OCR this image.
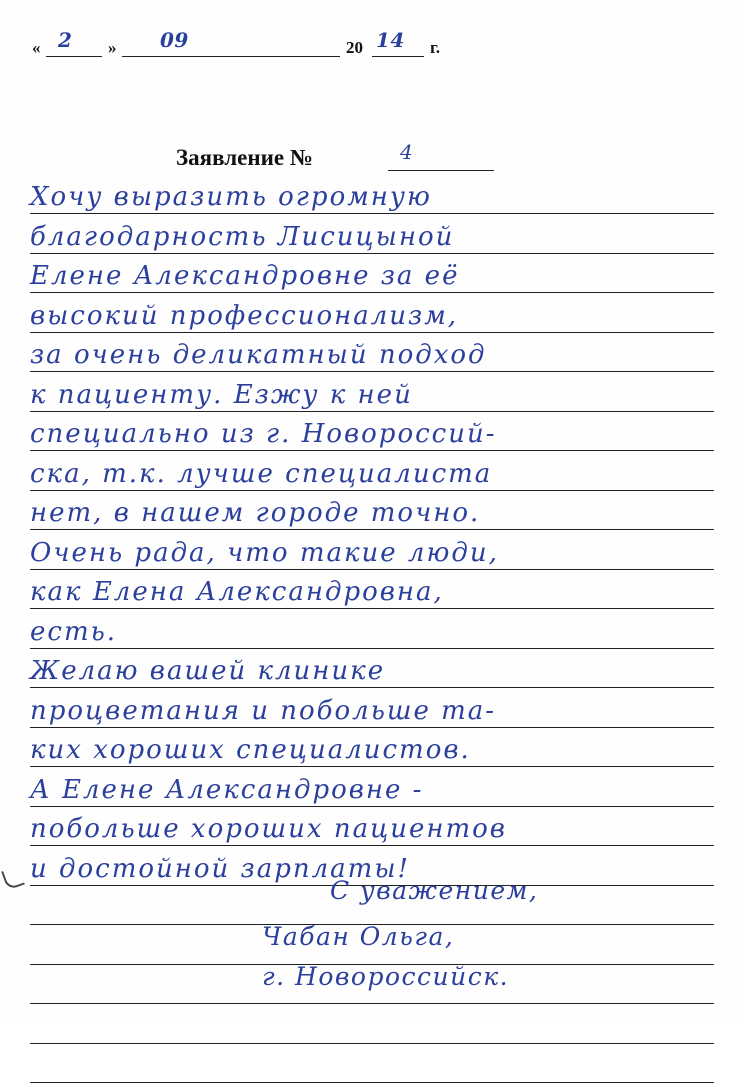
« 2 » 09	20 14 г.
Заявление №	4
Хочу выразить огромную
благодарность Лисицыной
Елене Александровне за её
высокий профессионализм,
за очень деликатный подход
к пациенту. Езжу к ней
специально из г. Новороссий-
ска, т.к. лучше специалиста
нет, в нашем городе точно.
Очень рада, что такие люди,
как Елена Александровна,
есть.
Желаю вашей клинике
процветания и побольше та-
ких хороших специалистов.
А Елене Александровне -
побольше хороших пациентов
и достойной зарплаты!
С уважением,
Чабан Ольга,
г. Новороссийск.
